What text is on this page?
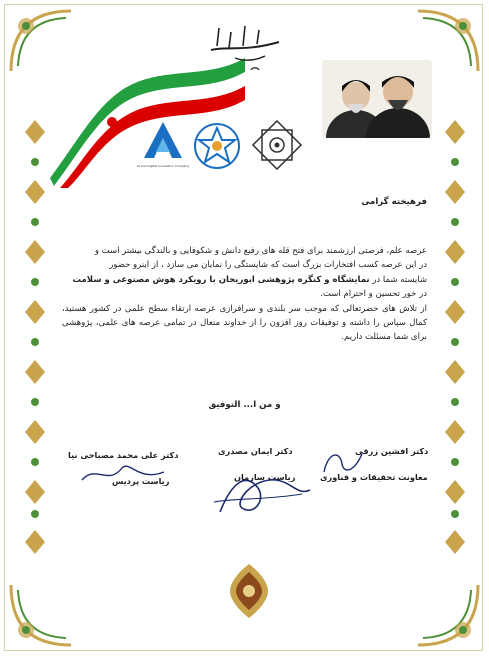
AI and Digital Innovation Company
فرهیخته گرامی

عرصه علم، فرصتی ارزشمند برای فتح قله های رفیع دانش و شکوفایی و بالندگی بیشتر است و

در این عرصه کسب افتخارات بزرگ است که شایستگی را نمایان می سازد ، از اینرو حضور

شایسته شما در نمایشگاه و کنگره پژوهشی ابوریحان با رویکرد هوش مصنوعی و سلامت

در خور تحسین و احترام است.

از تلاش های حضرتعالی که موجب سر بلندی و سرافرازی عرصه ارتقاء سطح علمی در کشور هستید، کمال سپاس را داشته و توفیقات روز افزون را از خداوند متعال در تمامی عرصه های علمی، پژوهشی برای شما مسئلت داریم.

و من ا... التوفیق
دکتر علی محمد مصباحی نیا
ریاست پردیس
دکتر ایمان مصدری
ریاست سازمان
دکتر افشین زرقی
معاونت تحقیقات و فناوری
